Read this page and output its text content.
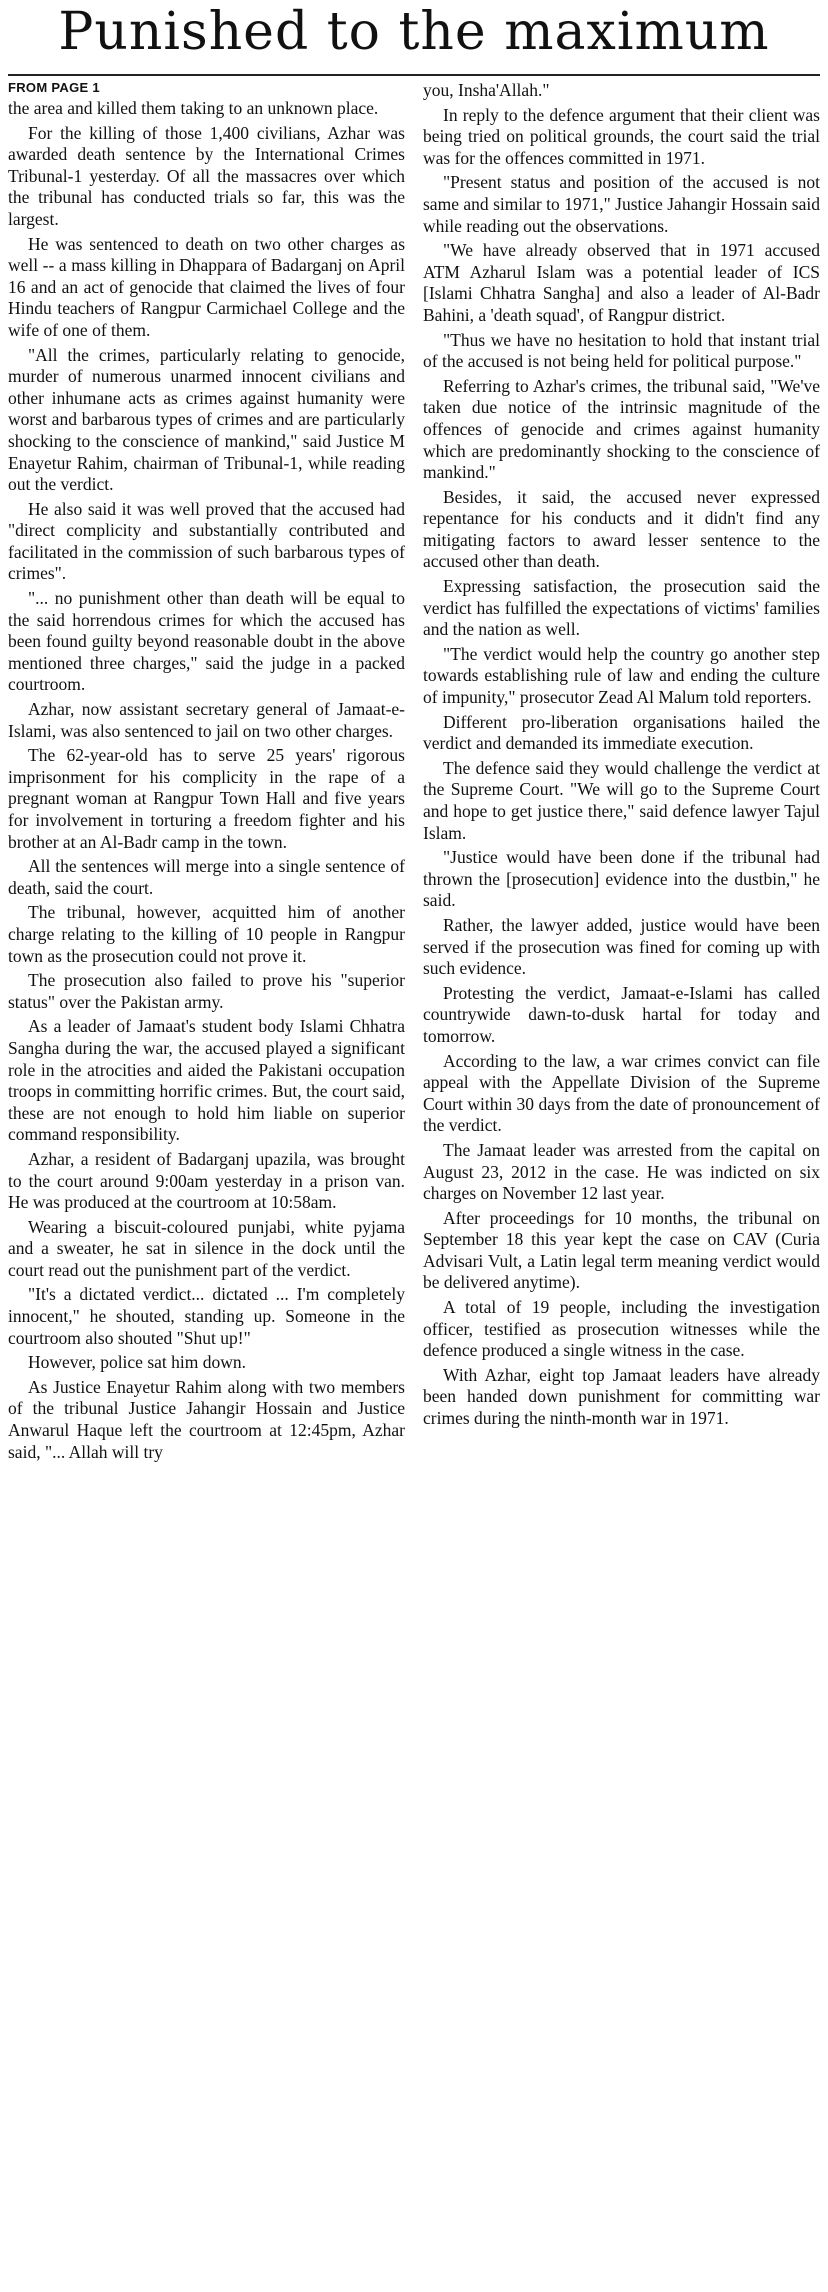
Punished to the maximum
FROM PAGE 1

the area and killed them taking to an unknown place.

For the killing of those 1,400 civilians, Azhar was awarded death sentence by the International Crimes Tribunal-1 yesterday. Of all the massacres over which the tribunal has conducted trials so far, this was the largest.

He was sentenced to death on two other charges as well -- a mass killing in Dhappara of Badarganj on April 16 and an act of genocide that claimed the lives of four Hindu teachers of Rangpur Carmichael College and the wife of one of them.

"All the crimes, particularly relating to genocide, murder of numerous unarmed innocent civilians and other inhumane acts as crimes against humanity were worst and barbarous types of crimes and are particularly shocking to the conscience of mankind," said Justice M Enayetur Rahim, chairman of Tribunal-1, while reading out the verdict.

He also said it was well proved that the accused had "direct complicity and substantially contributed and facilitated in the commission of such barbarous types of crimes".

"... no punishment other than death will be equal to the said horrendous crimes for which the accused has been found guilty beyond reasonable doubt in the above mentioned three charges," said the judge in a packed courtroom.

Azhar, now assistant secretary general of Jamaat-e-Islami, was also sentenced to jail on two other charges.

The 62-year-old has to serve 25 years' rigorous imprisonment for his complicity in the rape of a pregnant woman at Rangpur Town Hall and five years for involvement in torturing a freedom fighter and his brother at an Al-Badr camp in the town.

All the sentences will merge into a single sentence of death, said the court.

The tribunal, however, acquitted him of another charge relating to the killing of 10 people in Rangpur town as the prosecution could not prove it.

The prosecution also failed to prove his "superior status" over the Pakistan army.

As a leader of Jamaat's student body Islami Chhatra Sangha during the war, the accused played a significant role in the atrocities and aided the Pakistani occupation troops in committing horrific crimes. But, the court said, these are not enough to hold him liable on superior command responsibility.

Azhar, a resident of Badarganj upazila, was brought to the court around 9:00am yesterday in a prison van. He was produced at the courtroom at 10:58am.

Wearing a biscuit-coloured punjabi, white pyjama and a sweater, he sat in silence in the dock until the court read out the punishment part of the verdict.

"It's a dictated verdict... dictated ... I'm completely innocent," he shouted, standing up. Someone in the courtroom also shouted "Shut up!"

However, police sat him down.

As Justice Enayetur Rahim along with two members of the tribunal Justice Jahangir Hossain and Justice Anwarul Haque left the courtroom at 12:45pm, Azhar said, "... Allah will try

you, Insha'Allah."

In reply to the defence argument that their client was being tried on political grounds, the court said the trial was for the offences committed in 1971.

"Present status and position of the accused is not same and similar to 1971," Justice Jahangir Hossain said while reading out the observations.

"We have already observed that in 1971 accused ATM Azharul Islam was a potential leader of ICS [Islami Chhatra Sangha] and also a leader of Al-Badr Bahini, a 'death squad', of Rangpur district.

"Thus we have no hesitation to hold that instant trial of the accused is not being held for political purpose."

Referring to Azhar's crimes, the tribunal said, "We've taken due notice of the intrinsic magnitude of the offences of genocide and crimes against humanity which are predominantly shocking to the conscience of mankind."

Besides, it said, the accused never expressed repentance for his conducts and it didn't find any mitigating factors to award lesser sentence to the accused other than death.

Expressing satisfaction, the prosecution said the verdict has fulfilled the expectations of victims' families and the nation as well.

"The verdict would help the country go another step towards establishing rule of law and ending the culture of impunity," prosecutor Zead Al Malum told reporters.

Different pro-liberation organisations hailed the verdict and demanded its immediate execution.

The defence said they would challenge the verdict at the Supreme Court. "We will go to the Supreme Court and hope to get justice there," said defence lawyer Tajul Islam.

"Justice would have been done if the tribunal had thrown the [prosecution] evidence into the dustbin," he said.

Rather, the lawyer added, justice would have been served if the prosecution was fined for coming up with such evidence.

Protesting the verdict, Jamaat-e-Islami has called countrywide dawn-to-dusk hartal for today and tomorrow.

According to the law, a war crimes convict can file appeal with the Appellate Division of the Supreme Court within 30 days from the date of pronouncement of the verdict.

The Jamaat leader was arrested from the capital on August 23, 2012 in the case. He was indicted on six charges on November 12 last year.

After proceedings for 10 months, the tribunal on September 18 this year kept the case on CAV (Curia Advisari Vult, a Latin legal term meaning verdict would be delivered anytime).

A total of 19 people, including the investigation officer, testified as prosecution witnesses while the defence produced a single witness in the case.

With Azhar, eight top Jamaat leaders have already been handed down punishment for committing war crimes during the ninth-month war in 1971.
